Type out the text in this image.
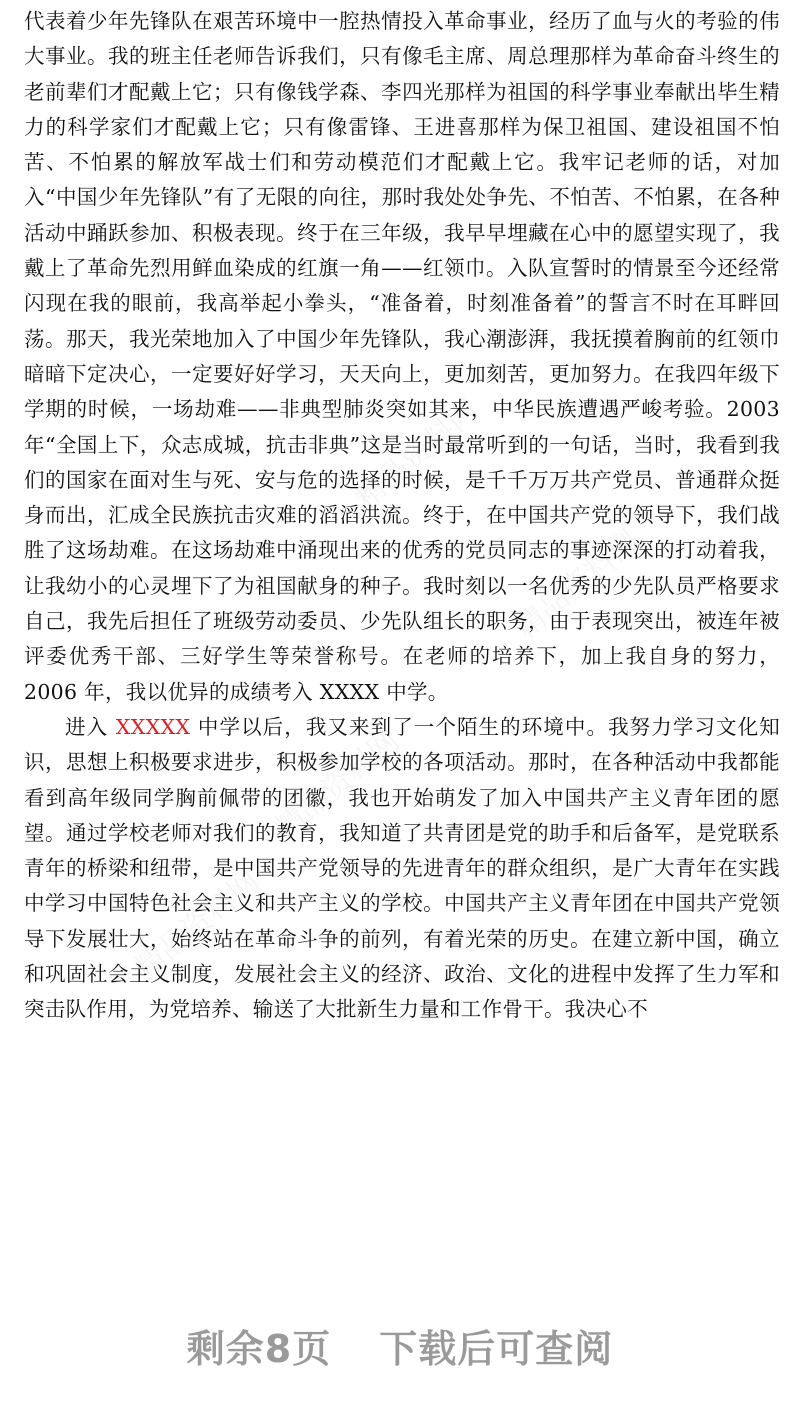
精品资料网
精品资料网
精品资料网
精品资料网

代表着少年先锋队在艰苦环境中一腔热情投入革命事业，经历了血与火的考验的伟大事业。我的班主任老师告诉我们，只有像毛主席、周总理那样为革命奋斗终生的老前辈们才配戴上它；只有像钱学森、李四光那样为祖国的科学事业奉献出毕生精力的科学家们才配戴上它；只有像雷锋、王进喜那样为保卫祖国、建设祖国不怕苦、不怕累的解放军战士们和劳动模范们才配戴上它。我牢记老师的话，对加入“中国少年先锋队”有了无限的向往，那时我处处争先、不怕苦、不怕累，在各种活动中踊跃参加、积极表现。终于在三年级，我早早埋藏在心中的愿望实现了，我戴上了革命先烈用鲜血染成的红旗一角——红领巾。入队宣誓时的情景至今还经常闪现在我的眼前，我高举起小拳头，“准备着，时刻准备着”的誓言不时在耳畔回荡。那天，我光荣地加入了中国少年先锋队，我心潮澎湃，我抚摸着胸前的红领巾暗暗下定决心，一定要好好学习，天天向上，更加刻苦，更加努力。在我四年级下学期的时候，一场劫难——非典型肺炎突如其来，中华民族遭遇严峻考验。2003 年“全国上下，众志成城，抗击非典”这是当时最常听到的一句话，当时，我看到我们的国家在面对生与死、安与危的选择的时候，是千千万万共产党员、普通群众挺身而出，汇成全民族抗击灾难的滔滔洪流。终于，在中国共产党的领导下，我们战胜了这场劫难。在这场劫难中涌现出来的优秀的党员同志的事迹深深的打动着我，让我幼小的心灵埋下了为祖国献身的种子。我时刻以一名优秀的少先队员严格要求自己，我先后担任了班级劳动委员、少先队组长的职务，由于表现突出，被连年被评委优秀干部、三好学生等荣誉称号。在老师的培养下，加上我自身的努力，2006 年，我以优异的成绩考入 XXXX 中学。

进入 XXXXX 中学以后，我又来到了一个陌生的环境中。我努力学习文化知识，思想上积极要求进步，积极参加学校的各项活动。那时，在各种活动中我都能看到高年级同学胸前佩带的团徽，我也开始萌发了加入中国共产主义青年团的愿望。通过学校老师对我们的教育，我知道了共青团是党的助手和后备军，是党联系青年的桥梁和纽带，是中国共产党领导的先进青年的群众组织，是广大青年在实践中学习中国特色社会主义和共产主义的学校。中国共产主义青年团在中国共产党领导下发展壮大，始终站在革命斗争的前列，有着光荣的历史。在建立新中国，确立和巩固社会主义制度，发展社会主义的经济、政治、文化的进程中发挥了生力军和突击队作用，为党培养、输送了大批新生力量和工作骨干。我决心不

剩余8页 下载后可查阅
